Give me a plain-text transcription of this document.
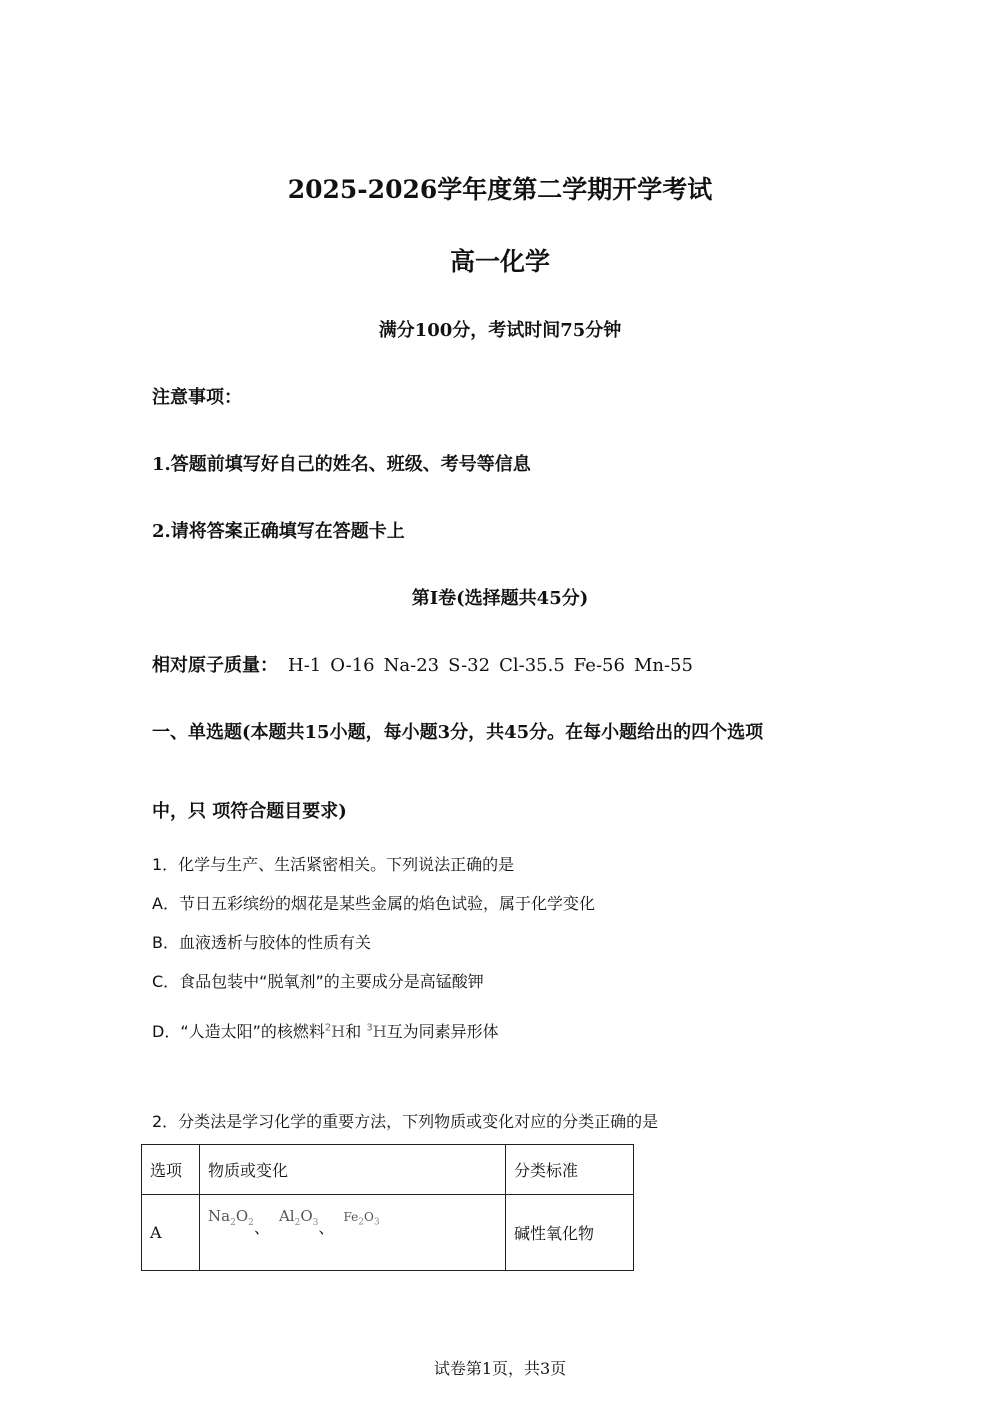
2025-2026学年度第二学期开学考试
高一化学
满分100分，考试时间75分钟
注意事项：
1.答题前填写好自己的姓名、班级、考号等信息
2.请将答案正确填写在答题卡上
第I卷(选择题共45分)
相对原子质量： H-1 O-16 Na-23 S-32 Cl-35.5 Fe-56 Mn-55
一、单选题(本题共15小题，每小题3分，共45分。在每小题给出的四个选项
中，只 项符合题目要求)
1．化学与生产、生活紧密相关。下列说法正确的是
A．节日五彩缤纷的烟花是某些金属的焰色试验，属于化学变化
B．血液透析与胶体的性质有关
C．食品包装中“脱氧剂”的主要成分是高锰酸钾
D．“人造太阳”的核燃料$^2$H和 $^3$H互为同素异形体
2．分类法是学习化学的重要方法，下列物质或变化对应的分类正确的是
选项	物质或变化	分类标准
A	$Na_2O_2$、 $Al_2O_3$、 $Fe_2O_3$	碱性氧化物
试卷第1页，共3页
